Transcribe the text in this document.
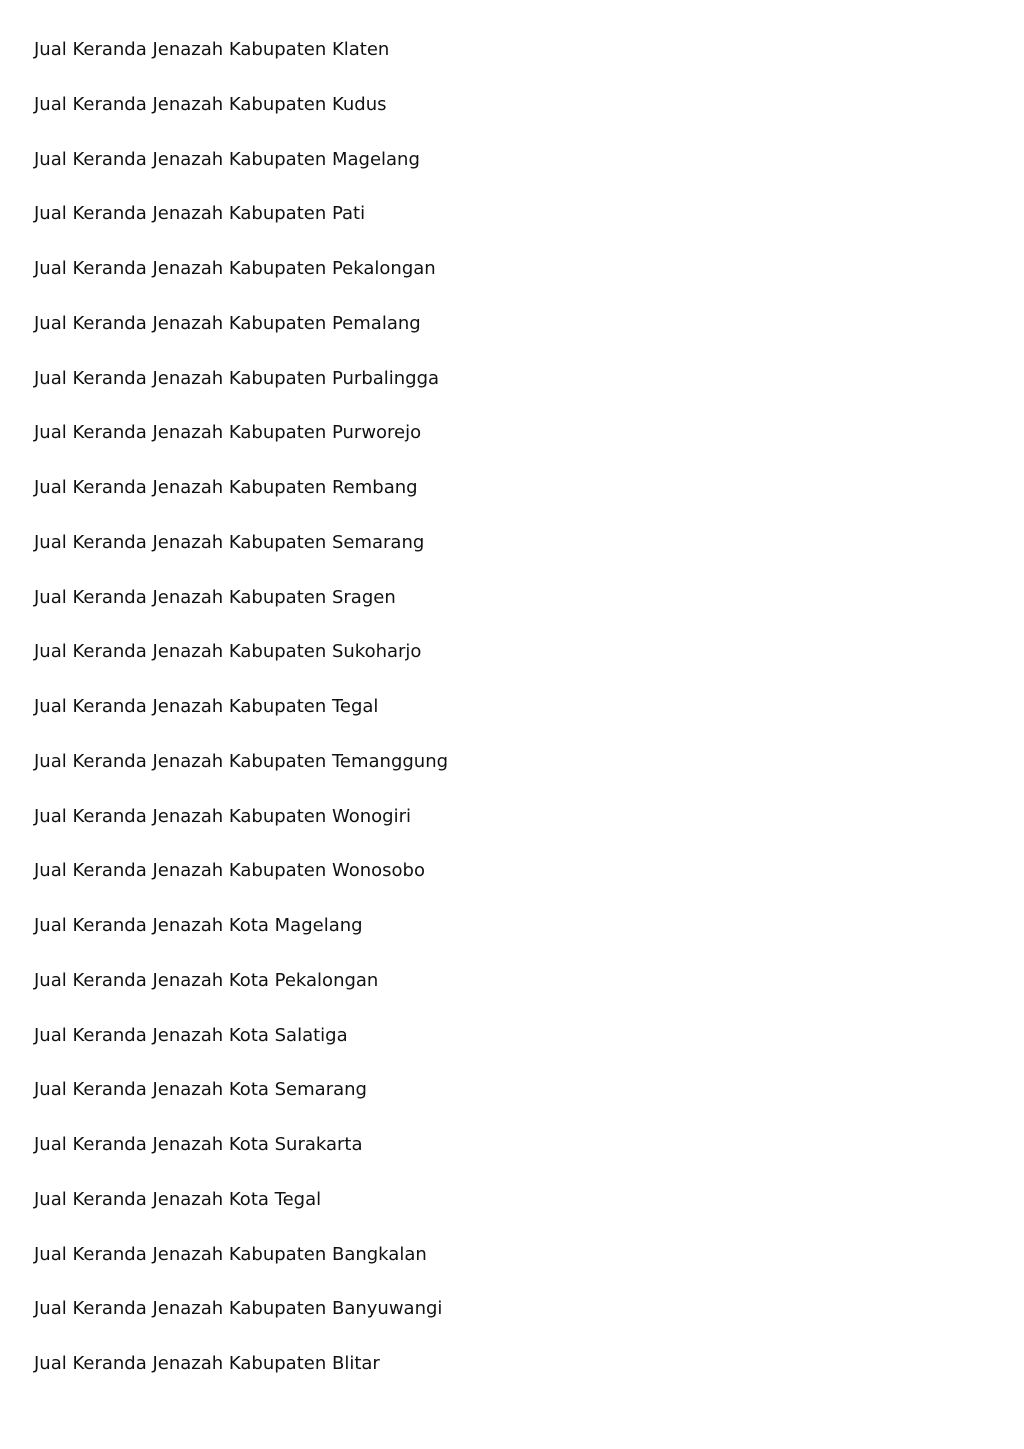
Jual Keranda Jenazah Kabupaten Klaten
Jual Keranda Jenazah Kabupaten Kudus
Jual Keranda Jenazah Kabupaten Magelang
Jual Keranda Jenazah Kabupaten Pati
Jual Keranda Jenazah Kabupaten Pekalongan
Jual Keranda Jenazah Kabupaten Pemalang
Jual Keranda Jenazah Kabupaten Purbalingga
Jual Keranda Jenazah Kabupaten Purworejo
Jual Keranda Jenazah Kabupaten Rembang
Jual Keranda Jenazah Kabupaten Semarang
Jual Keranda Jenazah Kabupaten Sragen
Jual Keranda Jenazah Kabupaten Sukoharjo
Jual Keranda Jenazah Kabupaten Tegal
Jual Keranda Jenazah Kabupaten Temanggung
Jual Keranda Jenazah Kabupaten Wonogiri
Jual Keranda Jenazah Kabupaten Wonosobo
Jual Keranda Jenazah Kota Magelang
Jual Keranda Jenazah Kota Pekalongan
Jual Keranda Jenazah Kota Salatiga
Jual Keranda Jenazah Kota Semarang
Jual Keranda Jenazah Kota Surakarta
Jual Keranda Jenazah Kota Tegal
Jual Keranda Jenazah Kabupaten Bangkalan
Jual Keranda Jenazah Kabupaten Banyuwangi
Jual Keranda Jenazah Kabupaten Blitar
